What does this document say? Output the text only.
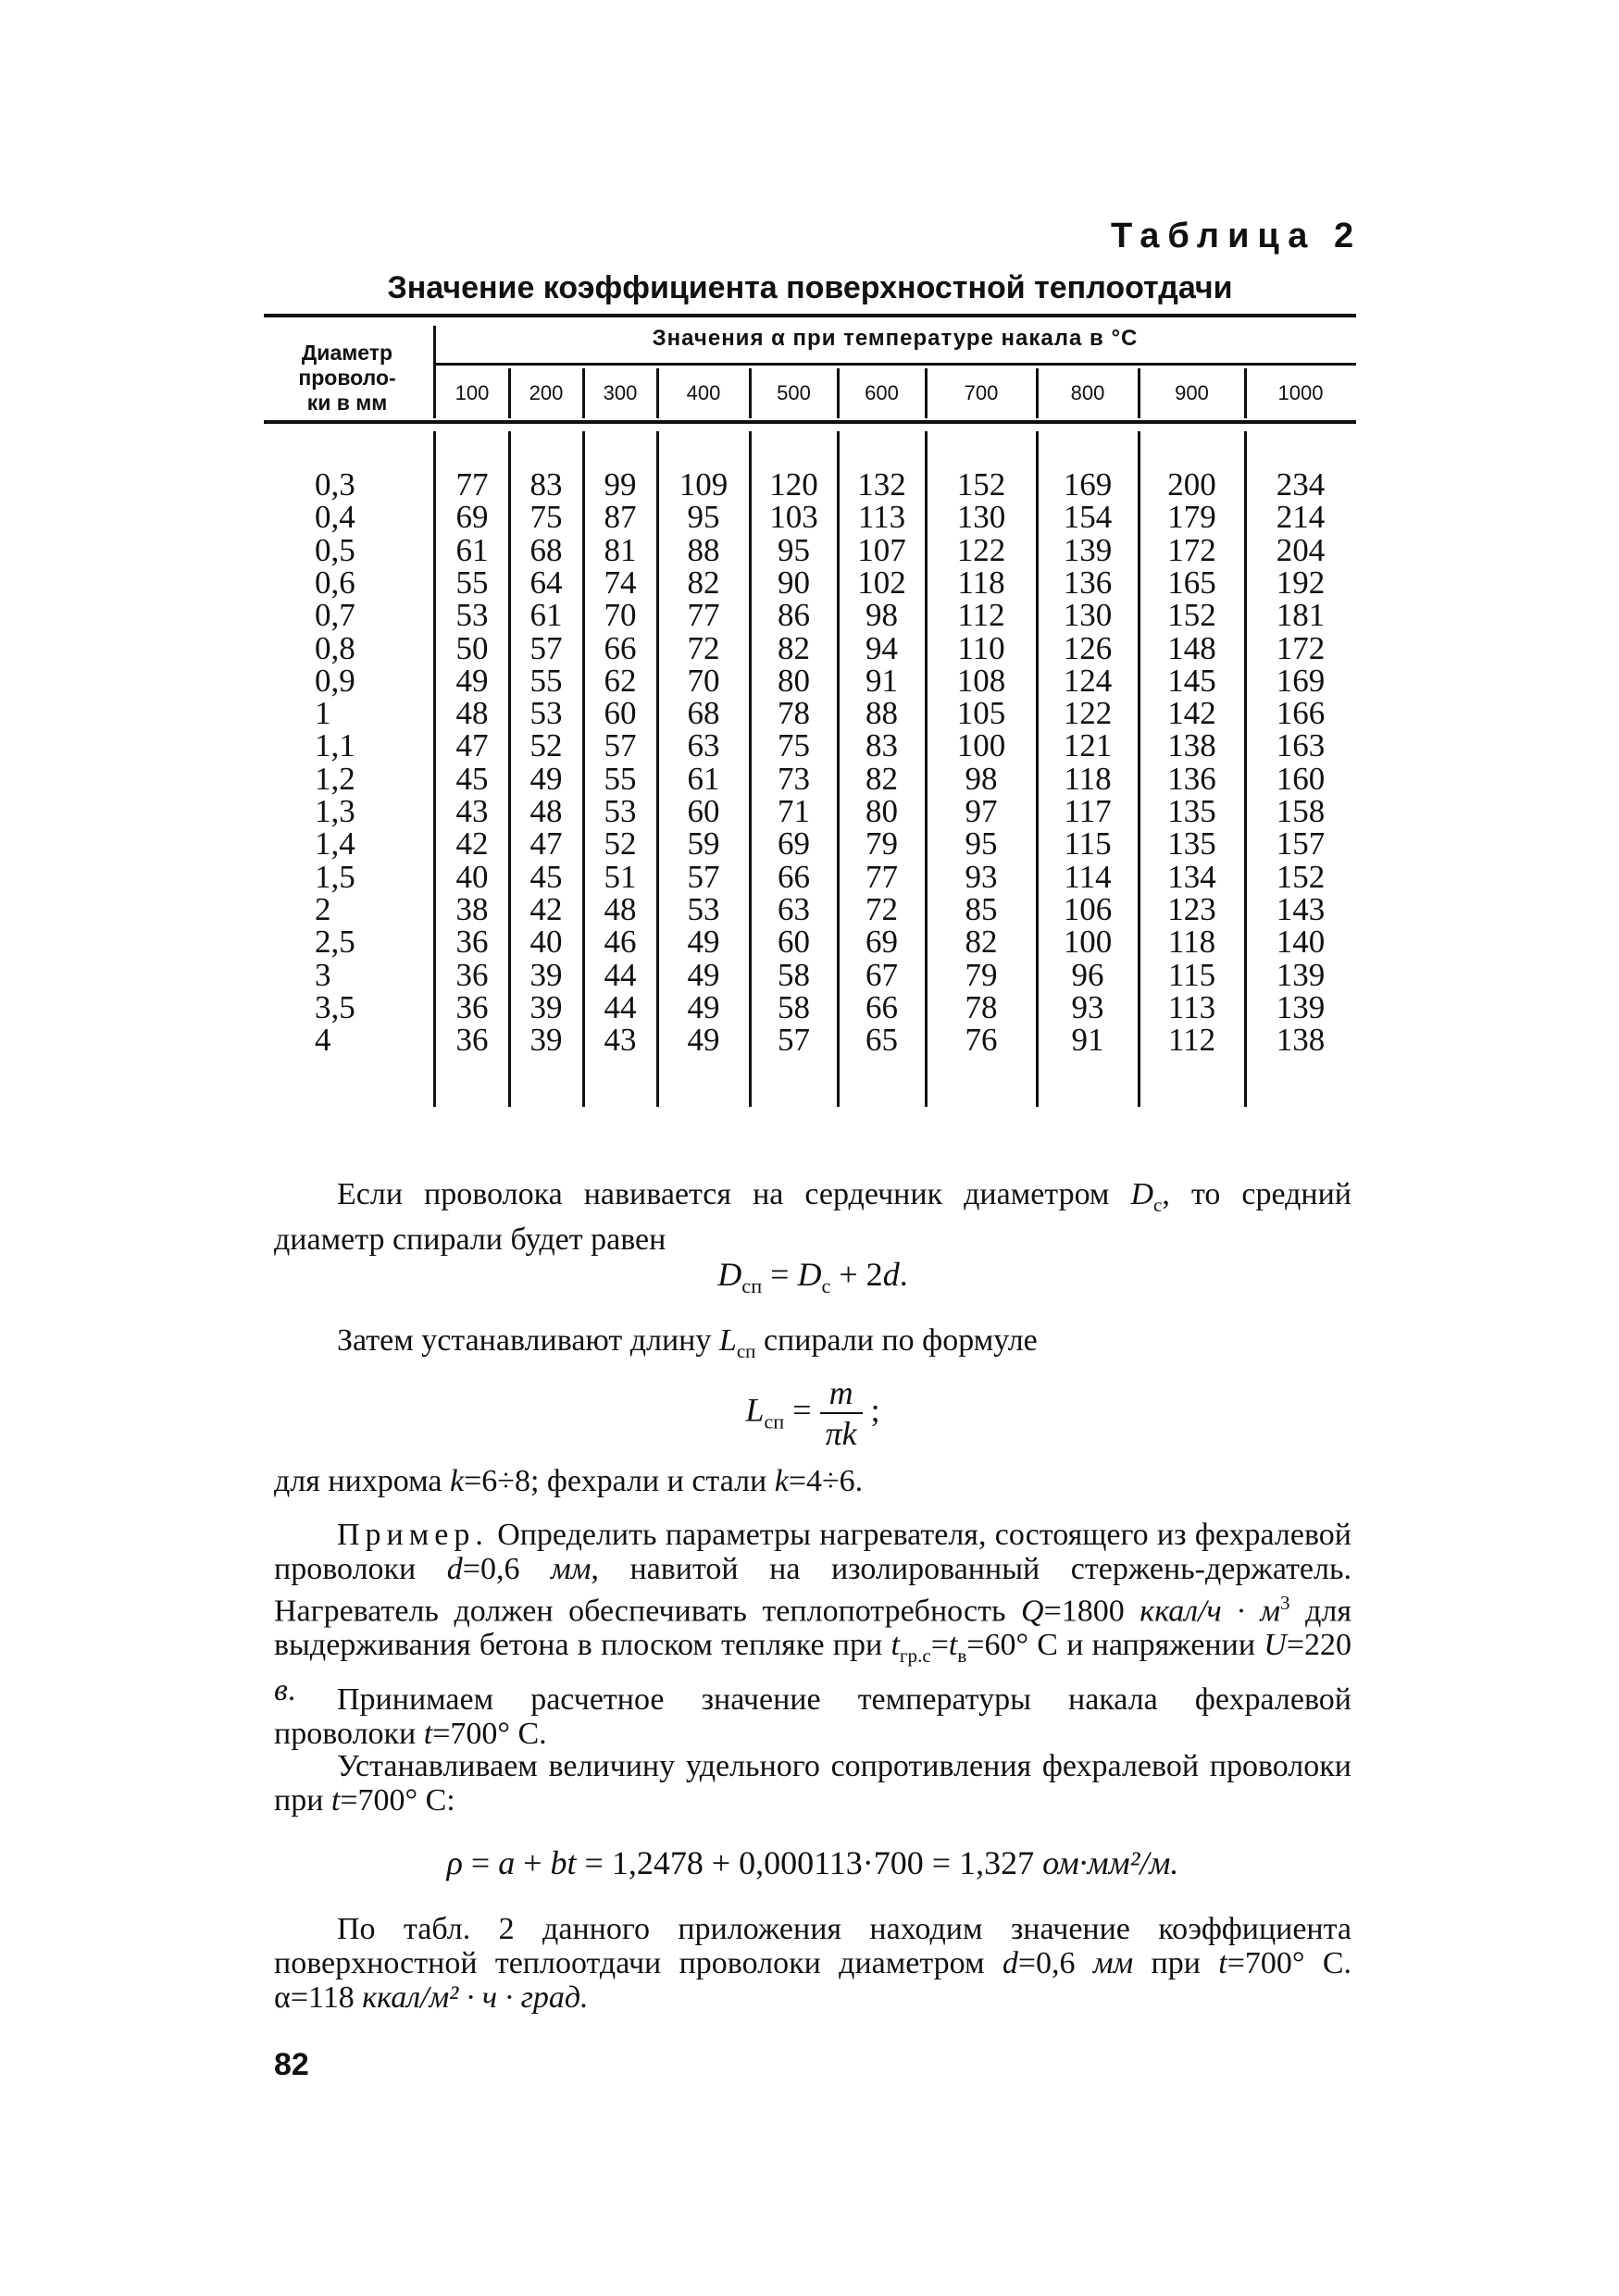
Таблица 2
Значение коэффициента поверхностной теплоотдачи
Диаметр
проволо-
ки в мм
Значения α при температуре накала в °С
100	200	300	400	500	600	700	800	900	1000
0,3	77	83	99	109	120	132	152	169	200	234
0,4	69	75	87	95	103	113	130	154	179	214
0,5	61	68	81	88	95	107	122	139	172	204
0,6	55	64	74	82	90	102	118	136	165	192
0,7	53	61	70	77	86	98	112	130	152	181
0,8	50	57	66	72	82	94	110	126	148	172
0,9	49	55	62	70	80	91	108	124	145	169
1	48	53	60	68	78	88	105	122	142	166
1,1	47	52	57	63	75	83	100	121	138	163
1,2	45	49	55	61	73	82	98	118	136	160
1,3	43	48	53	60	71	80	97	117	135	158
1,4	42	47	52	59	69	79	95	115	135	157
1,5	40	45	51	57	66	77	93	114	134	152
2	38	42	48	53	63	72	85	106	123	143
2,5	36	40	46	49	60	69	82	100	118	140
3	36	39	44	49	58	67	79	96	115	139
3,5	36	39	44	49	58	66	78	93	113	139
4	36	39	43	49	57	65	76	91	112	138
Если проволока навивается на сердечник диаметром $D_c$, то средний диаметр спирали будет равен
$D_{сп} = D_c + 2d$.
Затем устанавливают длину $L_{сп}$ спирали по формуле
$L_{сп} = \frac{m}{\pi k}$ ;
для нихрома k=6÷8; фехрали и стали k=4÷6.
Пример. Определить параметры нагревателя, состоящего из фехралевой проволоки d=0,6 мм, навитой на изолированный стержень-держатель. Нагреватель должен обеспечивать теплопотребность Q=1800 ккал/ч · $м^3$ для выдерживания бетона в плоском тепляке при $t_{гр.с}=t_в=60^\circ$ С и напряжении U=220 в.	Принимаем расчетное значение температуры накала фехралевой проволоки t=700° С.
Устанавливаем величину удельного сопротивления фехралевой проволоки при t=700° С:
ρ = a + bt = 1,2478 + 0,000113·700 = 1,327 ом·мм²/м.
По табл. 2 данного приложения находим значение коэффициента поверхностной теплоотдачи проволоки диаметром d=0,6 мм при t=700° С. α=118 ккал/м² · ч · град.
82
